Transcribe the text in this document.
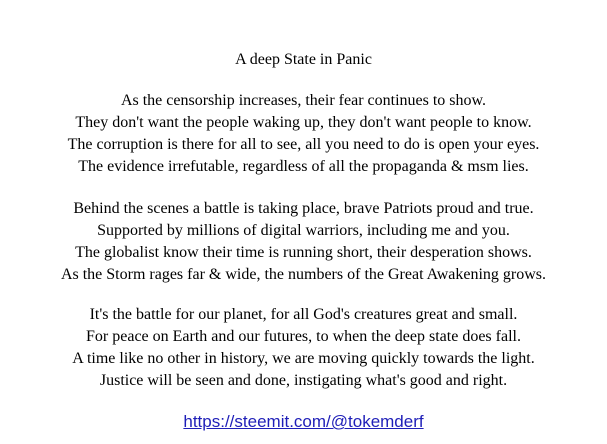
A deep State in Panic
As the censorship increases, their fear continues to show.
They don't want the people waking up, they don't want people to know.
The corruption is there for all to see, all you need to do is open your eyes.
The evidence irrefutable, regardless of all the propaganda & msm lies.
Behind the scenes a battle is taking place, brave Patriots proud and true.
Supported by millions of digital warriors, including me and you.
The globalist know their time is running short, their desperation shows.
As the Storm rages far & wide, the numbers of the Great Awakening grows.
It's the battle for our planet, for all God's creatures great and small.
For peace on Earth and our futures, to when the deep state does fall.
A time like no other in history, we are moving quickly towards the light.
Justice will be seen and done, instigating what's good and right.
https://steemit.com/@tokemderf
